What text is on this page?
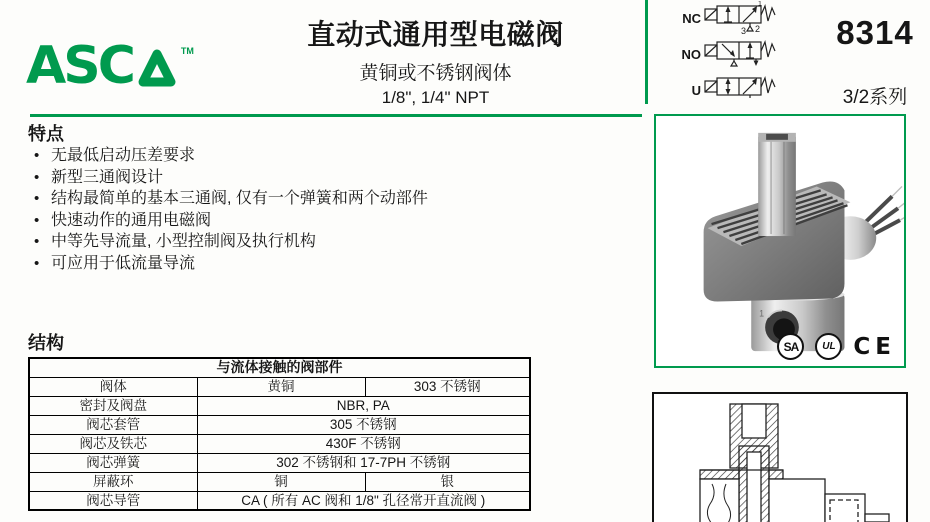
ASC	TM
直动式通用型电磁阀
黄铜或不锈钢阀体
1/8", 1/4" NPT
8314
3/2系列
NC
3 2
1
NO
U
特点
• 无最低启动压差要求
• 新型三通阀设计
• 结构最简单的基本三通阀, 仅有一个弹簧和两个动部件
• 快速动作的通用电磁阀
• 中等先导流量, 小型控制阀及执行机构
• 可应用于低流量导流
结构
与流体接触的阀部件		
阀体	黄铜	303 不锈钢
密封及阀盘	NBR, PA	
阀芯套管	305 不锈钢	
阀芯及铁芯	430F 不锈钢	
阀芯弹簧	302 不锈钢和 17-7PH 不锈钢	
屏蔽环	铜	银
阀芯导管	CA ( 所有 AC 阀和 1/8" 孔径常开直流阀 )	
1
SA	UL CE
